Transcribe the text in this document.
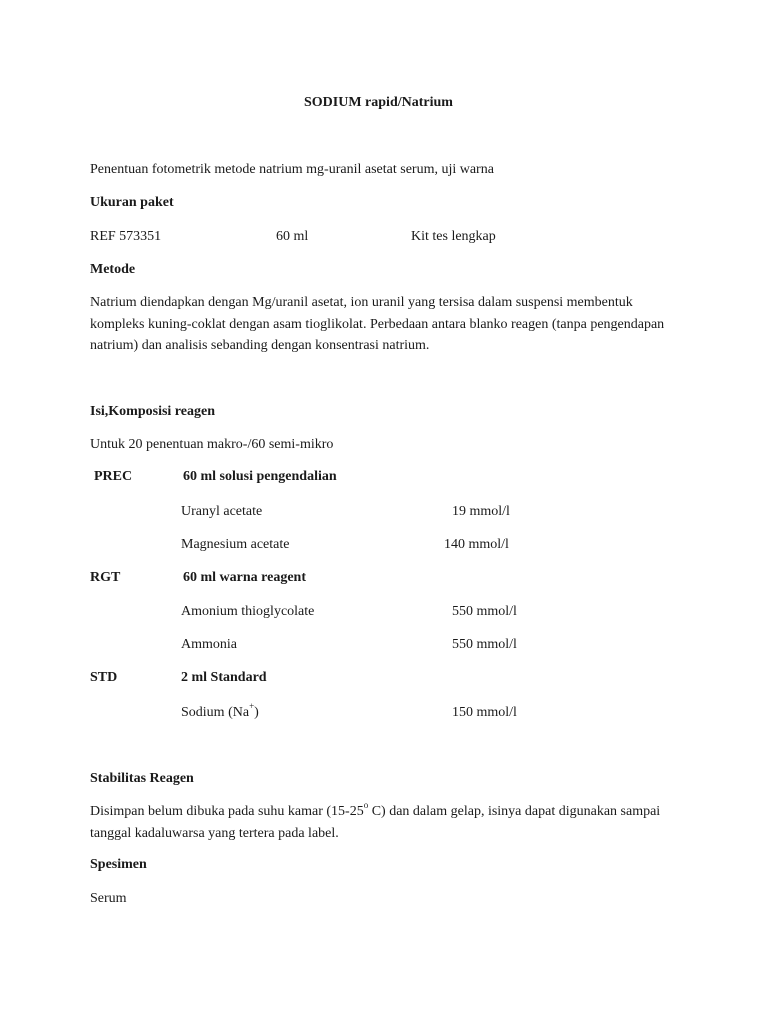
SODIUM rapid/Natrium
Penentuan fotometrik metode natrium mg-uranil asetat serum, uji warna
Ukuran paket
REF 573351	60 ml	Kit tes lengkap
Metode
Natrium diendapkan dengan Mg/uranil asetat, ion uranil yang tersisa dalam suspensi membentuk kompleks kuning-coklat dengan asam tioglikolat. Perbedaan antara blanko reagen (tanpa pengendapan natrium) dan analisis sebanding dengan konsentrasi natrium.
Isi,Komposisi reagen
Untuk 20 penentuan makro-/60 semi-mikro
PREC	60 ml solusi pengendalian
Uranyl acetate	19 mmol/l
Magnesium acetate	140 mmol/l
RGT	60 ml warna reagent
Amonium thioglycolate	550 mmol/l
Ammonia	550 mmol/l
STD	2 ml Standard
Sodium (Na+)	150 mmol/l
Stabilitas Reagen
Disimpan belum dibuka pada suhu kamar (15-25$^o$ C) dan dalam gelap, isinya dapat digunakan sampai tanggal kadaluwarsa yang tertera pada label.
Spesimen
Serum
